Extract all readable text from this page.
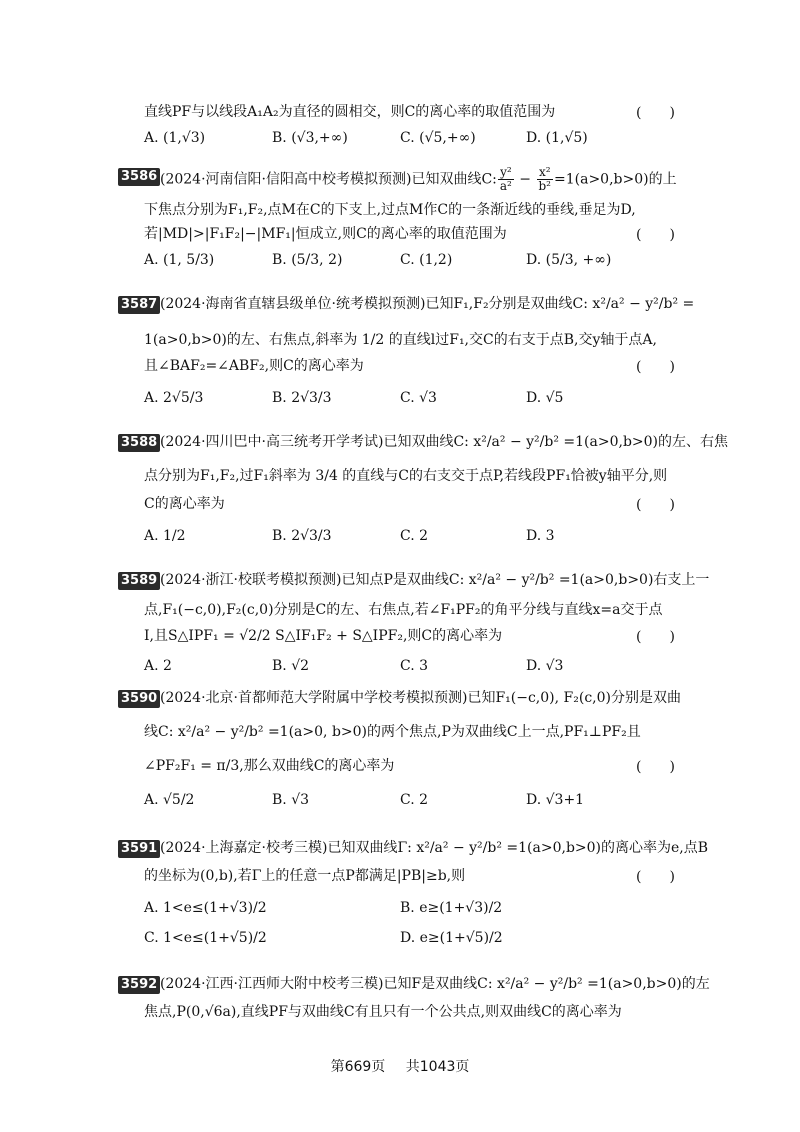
直线PF与以线段A₁A₂为直径的圆相交，则C的离心率的取值范围为	(　　)
A. (1,√3)	B. (√3,+∞)	C. (√5,+∞)	D. (1,√5)
3586 (2024·河南信阳·信阳高中校考模拟预测)已知双曲线C: $\frac{\text{y²}}{\text{a²}} - \frac{\text{x²}}{\text{b²}} =1(a>0,b>0)$的上
下焦点分别为F₁,F₂,点M在C的下支上,过点M作C的一条渐近线的垂线,垂足为D,
若|MD|>|F₁F₂|−|MF₁|恒成立,则C的离心率的取值范围为	(　　)
A. (1, 5/3)	B. (5/3, 2)	C. (1,2)	D. (5/3, +∞)
3587 (2024·海南省直辖县级单位·统考模拟预测)已知F₁,F₂分别是双曲线C: x²/a² − y²/b² =
1(a>0,b>0)的左、右焦点,斜率为 1/2 的直线l过F₁,交C的右支于点B,交y轴于点A,
且∠BAF₂=∠ABF₂,则C的离心率为	(　　)
A. 2√5/3	B. 2√3/3	C. √3	D. √5
3588 (2024·四川巴中·高三统考开学考试)已知双曲线C: x²/a² − y²/b² =1(a>0,b>0)的左、右焦
点分别为F₁,F₂,过F₁斜率为 3/4 的直线与C的右支交于点P,若线段PF₁恰被y轴平分,则
C的离心率为	(　　)
A. 1/2	B. 2√3/3	C. 2	D. 3
3589 (2024·浙江·校联考模拟预测)已知点P是双曲线C: x²/a² − y²/b² =1(a>0,b>0)右支上一
点,F₁(−c,0),F₂(c,0)分别是C的左、右焦点,若∠F₁PF₂的角平分线与直线x=a交于点
I,且S△IPF₁ = √2/2 S△IF₁F₂ + S△IPF₂,则C的离心率为	(　　)
A. 2	B. √2	C. 3	D. √3
3590 (2024·北京·首都师范大学附属中学校考模拟预测)已知F₁(−c,0), F₂(c,0)分别是双曲
线C: x²/a² − y²/b² =1(a>0, b>0)的两个焦点,P为双曲线C上一点,PF₁⊥PF₂且
∠PF₂F₁ = π/3,那么双曲线C的离心率为	(　　)
A. √5/2	B. √3	C. 2	D. √3+1
3591 (2024·上海嘉定·校考三模)已知双曲线Γ: x²/a² − y²/b² =1(a>0,b>0)的离心率为e,点B
的坐标为(0,b),若Γ上的任意一点P都满足|PB|≥b,则	(　　)
A. 1<e≤(1+√3)/2	B. e≥(1+√3)/2
C. 1<e≤(1+√5)/2	D. e≥(1+√5)/2
3592 (2024·江西·江西师大附中校考三模)已知F是双曲线C: x²/a² − y²/b² =1(a>0,b>0)的左
焦点,P(0,√6a),直线PF与双曲线C有且只有一个公共点,则双曲线C的离心率为
第669页 共1043页
